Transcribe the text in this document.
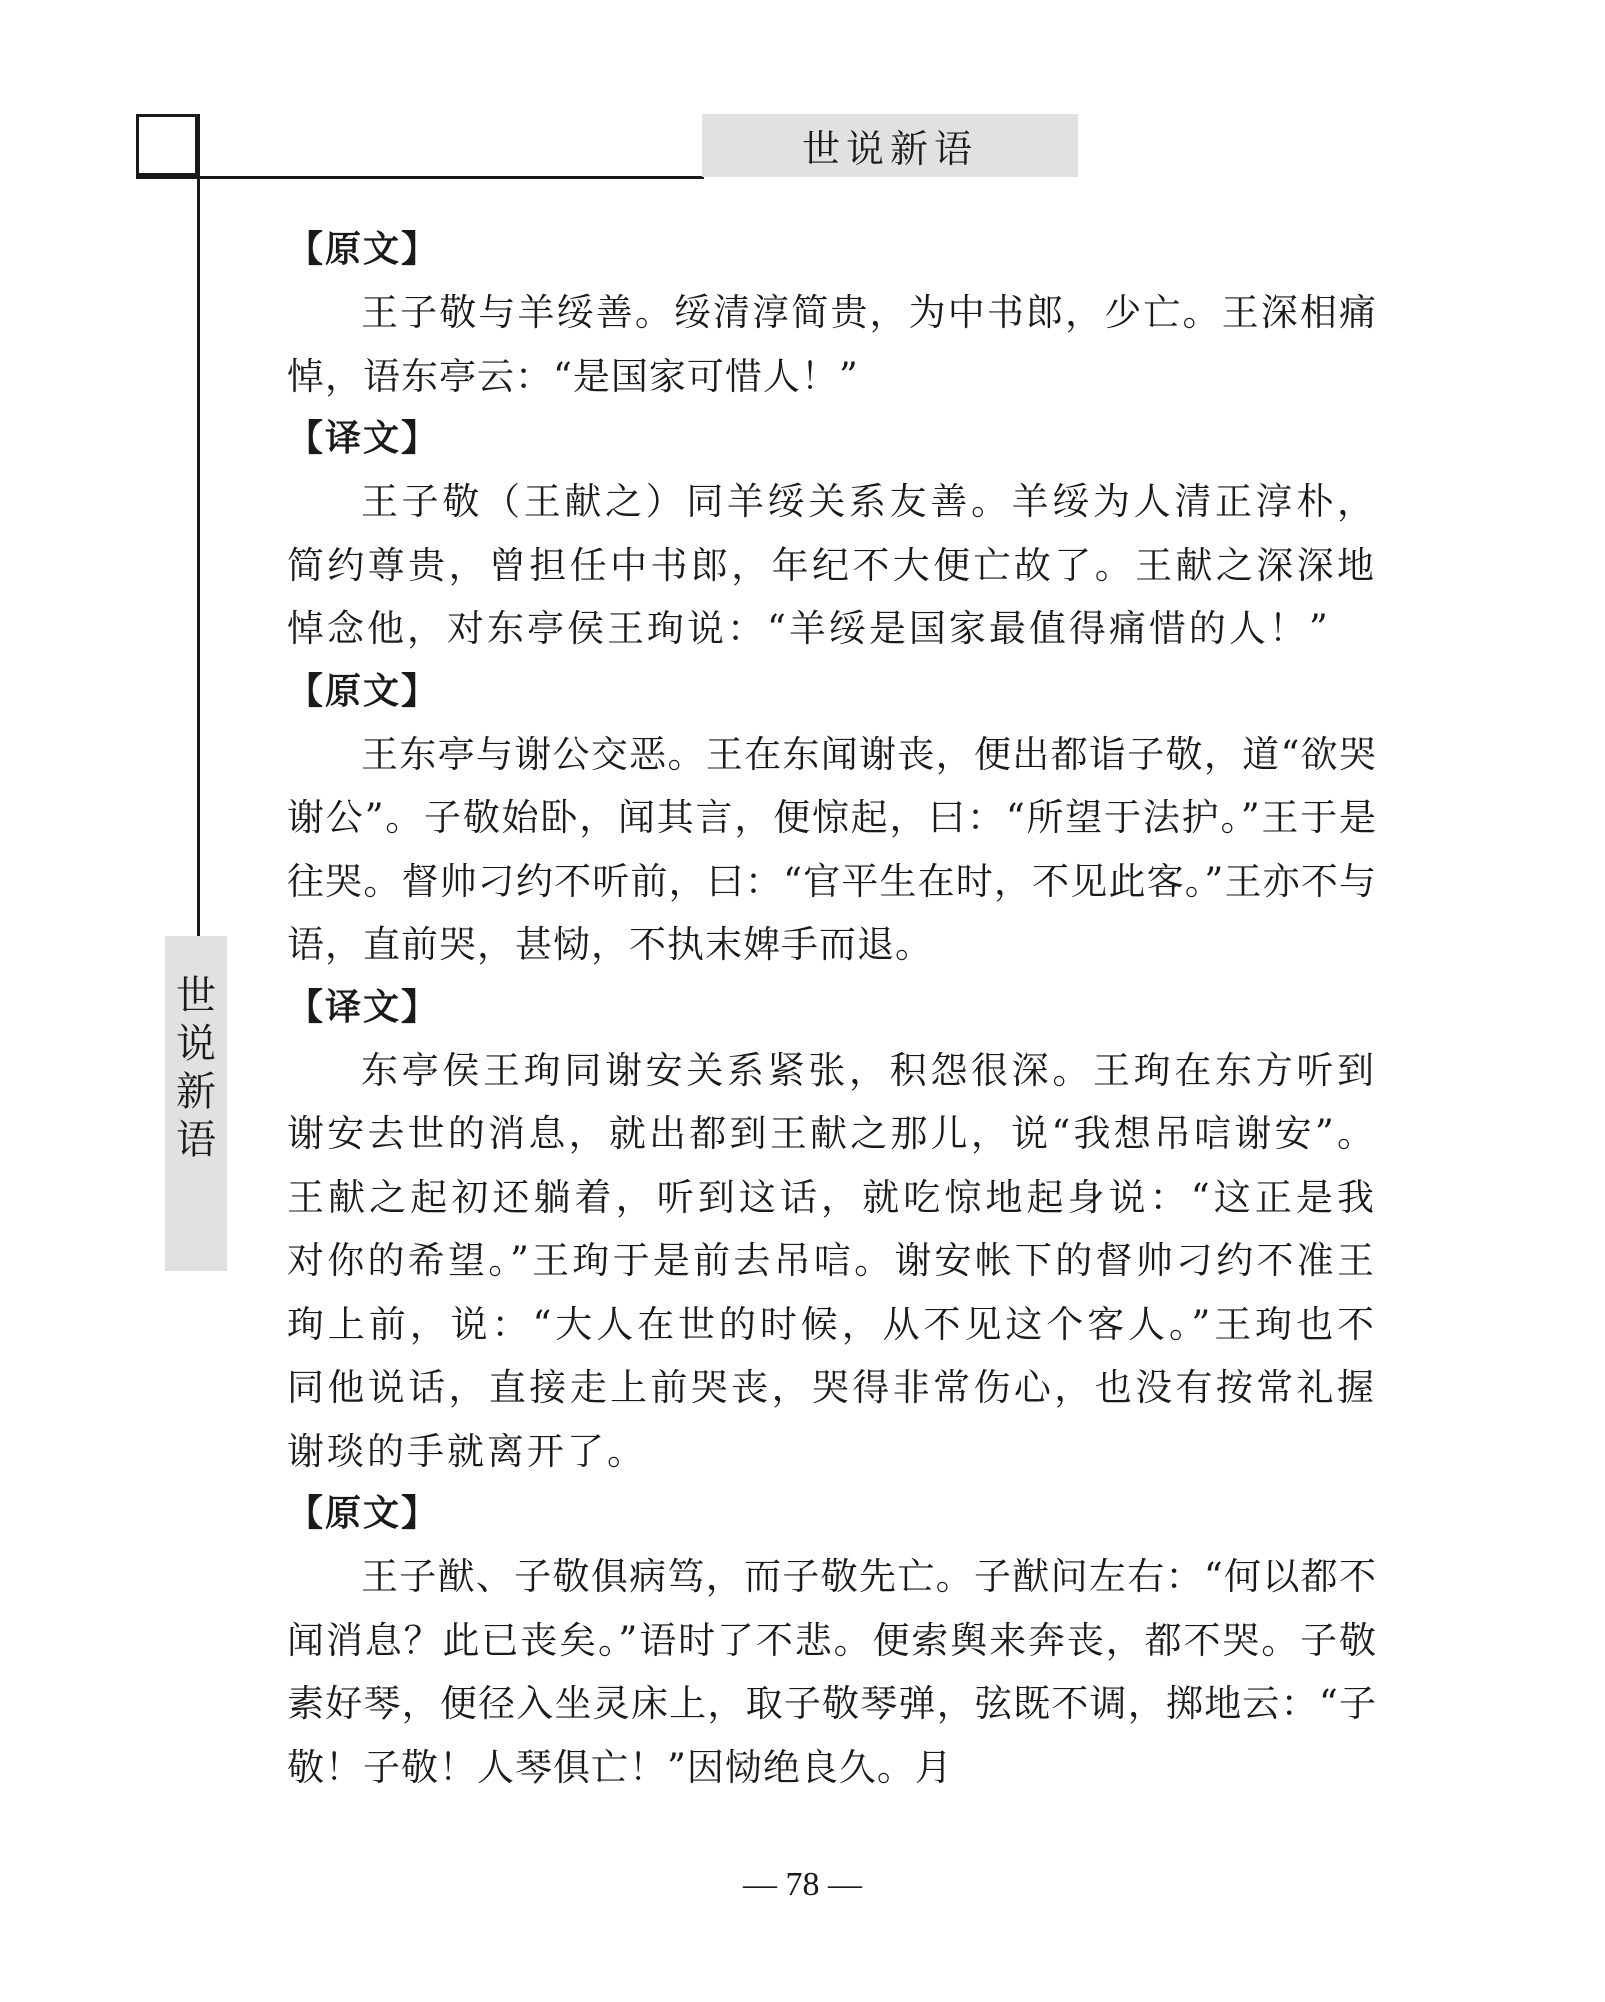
世说新语
世
说
新
语
【原文】

王子敬与羊绥善。绥清淳简贵，为中书郎，少亡。王深相痛悼，语东亭云：“是国家可惜人！”

【译文】

王子敬（王献之）同羊绥关系友善。羊绥为人清正淳朴，简约尊贵，曾担任中书郎，年纪不大便亡故了。王献之深深地悼念他，对东亭侯王珣说：“羊绥是国家最值得痛惜的人！”

【原文】

王东亭与谢公交恶。王在东闻谢丧，便出都诣子敬，道“欲哭谢公”。子敬始卧，闻其言，便惊起，曰：“所望于法护。”王于是往哭。督帅刁约不听前，曰：“官平生在时，不见此客。”王亦不与语，直前哭，甚恸，不执末婢手而退。

【译文】

东亭侯王珣同谢安关系紧张，积怨很深。王珣在东方听到谢安去世的消息，就出都到王献之那儿，说“我想吊唁谢安”。王献之起初还躺着，听到这话，就吃惊地起身说：“这正是我对你的希望。”王珣于是前去吊唁。谢安帐下的督帅刁约不准王珣上前，说：“大人在世的时候，从不见这个客人。”王珣也不同他说话，直接走上前哭丧，哭得非常伤心，也没有按常礼握谢琰的手就离开了。

【原文】

王子猷、子敬俱病笃，而子敬先亡。子猷问左右：“何以都不闻消息？此已丧矣。”语时了不悲。便索舆来奔丧，都不哭。子敬素好琴，便径入坐灵床上，取子敬琴弹，弦既不调，掷地云：“子敬！子敬！人琴俱亡！”因恸绝良久。月

— 78 —
